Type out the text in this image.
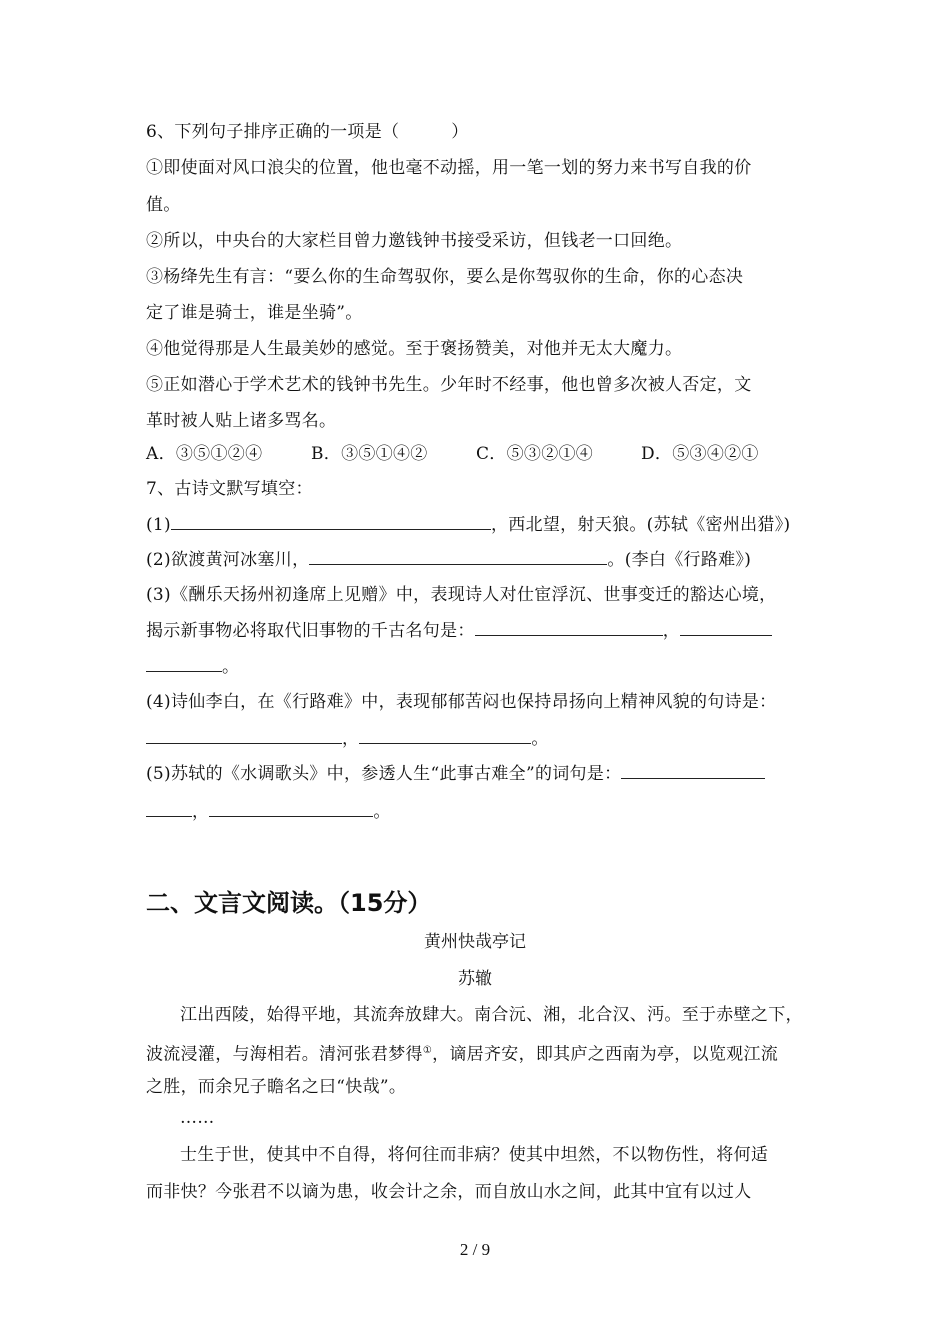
6、下列句子排序正确的一项是（　　　）
①即使面对风口浪尖的位置，他也毫不动摇，用一笔一划的努力来书写自我的价
值。
②所以，中央台的大家栏目曾力邀钱钟书接受采访，但钱老一口回绝。
③杨绛先生有言：“要么你的生命驾驭你，要么是你驾驭你的生命，你的心态决
定了谁是骑士，谁是坐骑”。
④他觉得那是人生最美妙的感觉。至于褒扬赞美，对他并无太大魔力。
⑤正如潜心于学术艺术的钱钟书先生。少年时不经事，他也曾多次被人否定，文
革时被人贴上诸多骂名。
A．③⑤①②④	B．③⑤①④②	C．⑤③②①④	D．⑤③④②①
7、古诗文默写填空：
(1)	，西北望，射天狼。(苏轼《密州出猎》)
(2)欲渡黄河冰塞川，	。(李白《行路难》)
(3)《酬乐天扬州初逢席上见赠》中，表现诗人对仕宦浮沉、世事变迁的豁达心境，
揭示新事物必将取代旧事物的千古名句是：	，
。
(4)诗仙李白，在《行路难》中，表现郁郁苦闷也保持昂扬向上精神风貌的句诗是：
，	。
(5)苏轼的《水调歌头》中，参透人生“此事古难全”的词句是：
，	。
二、文言文阅读。（15分）
黄州快哉亭记
苏辙
江出西陵，始得平地，其流奔放肆大。南合沅、湘，北合汉、沔。至于赤壁之下，
波流浸灌，与海相若。清河张君梦得①，谪居齐安，即其庐之西南为亭，以览观江流
之胜，而余兄子瞻名之曰“快哉”。
……
士生于世，使其中不自得，将何往而非病？使其中坦然，不以物伤性，将何适
而非快？今张君不以谪为患，收会计之余，而自放山水之间，此其中宜有以过人
2 / 9
